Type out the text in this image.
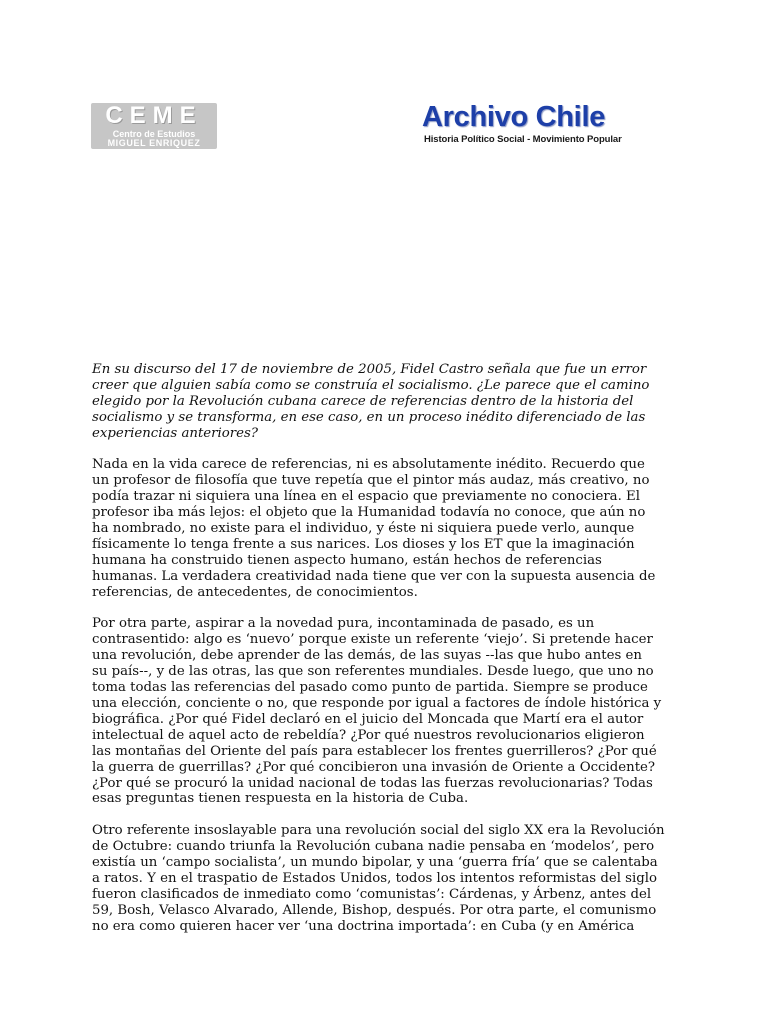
CEME
Centro de Estudios
MIGUEL ENRIQUEZ
Archivo Chile
Historia Político Social - Movimiento Popular
En su discurso del 17 de noviembre de 2005, Fidel Castro señala que fue un error
creer que alguien sabía como se construía el socialismo. ¿Le parece que el camino
elegido por la Revolución cubana carece de referencias dentro de la historia del
socialismo y se transforma, en ese caso, en un proceso inédito diferenciado de las
experiencias anteriores?
Nada en la vida carece de referencias, ni es absolutamente inédito. Recuerdo que
un profesor de filosofía que tuve repetía que el pintor más audaz, más creativo, no
podía trazar ni siquiera una línea en el espacio que previamente no conociera. El
profesor iba más lejos: el objeto que la Humanidad todavía no conoce, que aún no
ha nombrado, no existe para el individuo, y éste ni siquiera puede verlo, aunque
físicamente lo tenga frente a sus narices. Los dioses y los ET que la imaginación
humana ha construido tienen aspecto humano, están hechos de referencias
humanas. La verdadera creatividad nada tiene que ver con la supuesta ausencia de
referencias, de antecedentes, de conocimientos.
Por otra parte, aspirar a la novedad pura, incontaminada de pasado, es un
contrasentido: algo es ‘nuevo’ porque existe un referente ‘viejo’. Si pretende hacer
una revolución, debe aprender de las demás, de las suyas --las que hubo antes en
su país--, y de las otras, las que son referentes mundiales. Desde luego, que uno no
toma todas las referencias del pasado como punto de partida. Siempre se produce
una elección, conciente o no, que responde por igual a factores de índole histórica y
biográfica. ¿Por qué Fidel declaró en el juicio del Moncada que Martí era el autor
intelectual de aquel acto de rebeldía? ¿Por qué nuestros revolucionarios eligieron
las montañas del Oriente del país para establecer los frentes guerrilleros? ¿Por qué
la guerra de guerrillas? ¿Por qué concibieron una invasión de Oriente a Occidente?
¿Por qué se procuró la unidad nacional de todas las fuerzas revolucionarias? Todas
esas preguntas tienen respuesta en la historia de Cuba.
Otro referente insoslayable para una revolución social del siglo XX era la Revolución
de Octubre: cuando triunfa la Revolución cubana nadie pensaba en ‘modelos’, pero
existía un ‘campo socialista’, un mundo bipolar, y una ‘guerra fría’ que se calentaba
a ratos. Y en el traspatio de Estados Unidos, todos los intentos reformistas del siglo
fueron clasificados de inmediato como ‘comunistas’: Cárdenas, y Árbenz, antes del
59, Bosh, Velasco Alvarado, Allende, Bishop, después. Por otra parte, el comunismo
no era como quieren hacer ver ‘una doctrina importada’: en Cuba (y en América
